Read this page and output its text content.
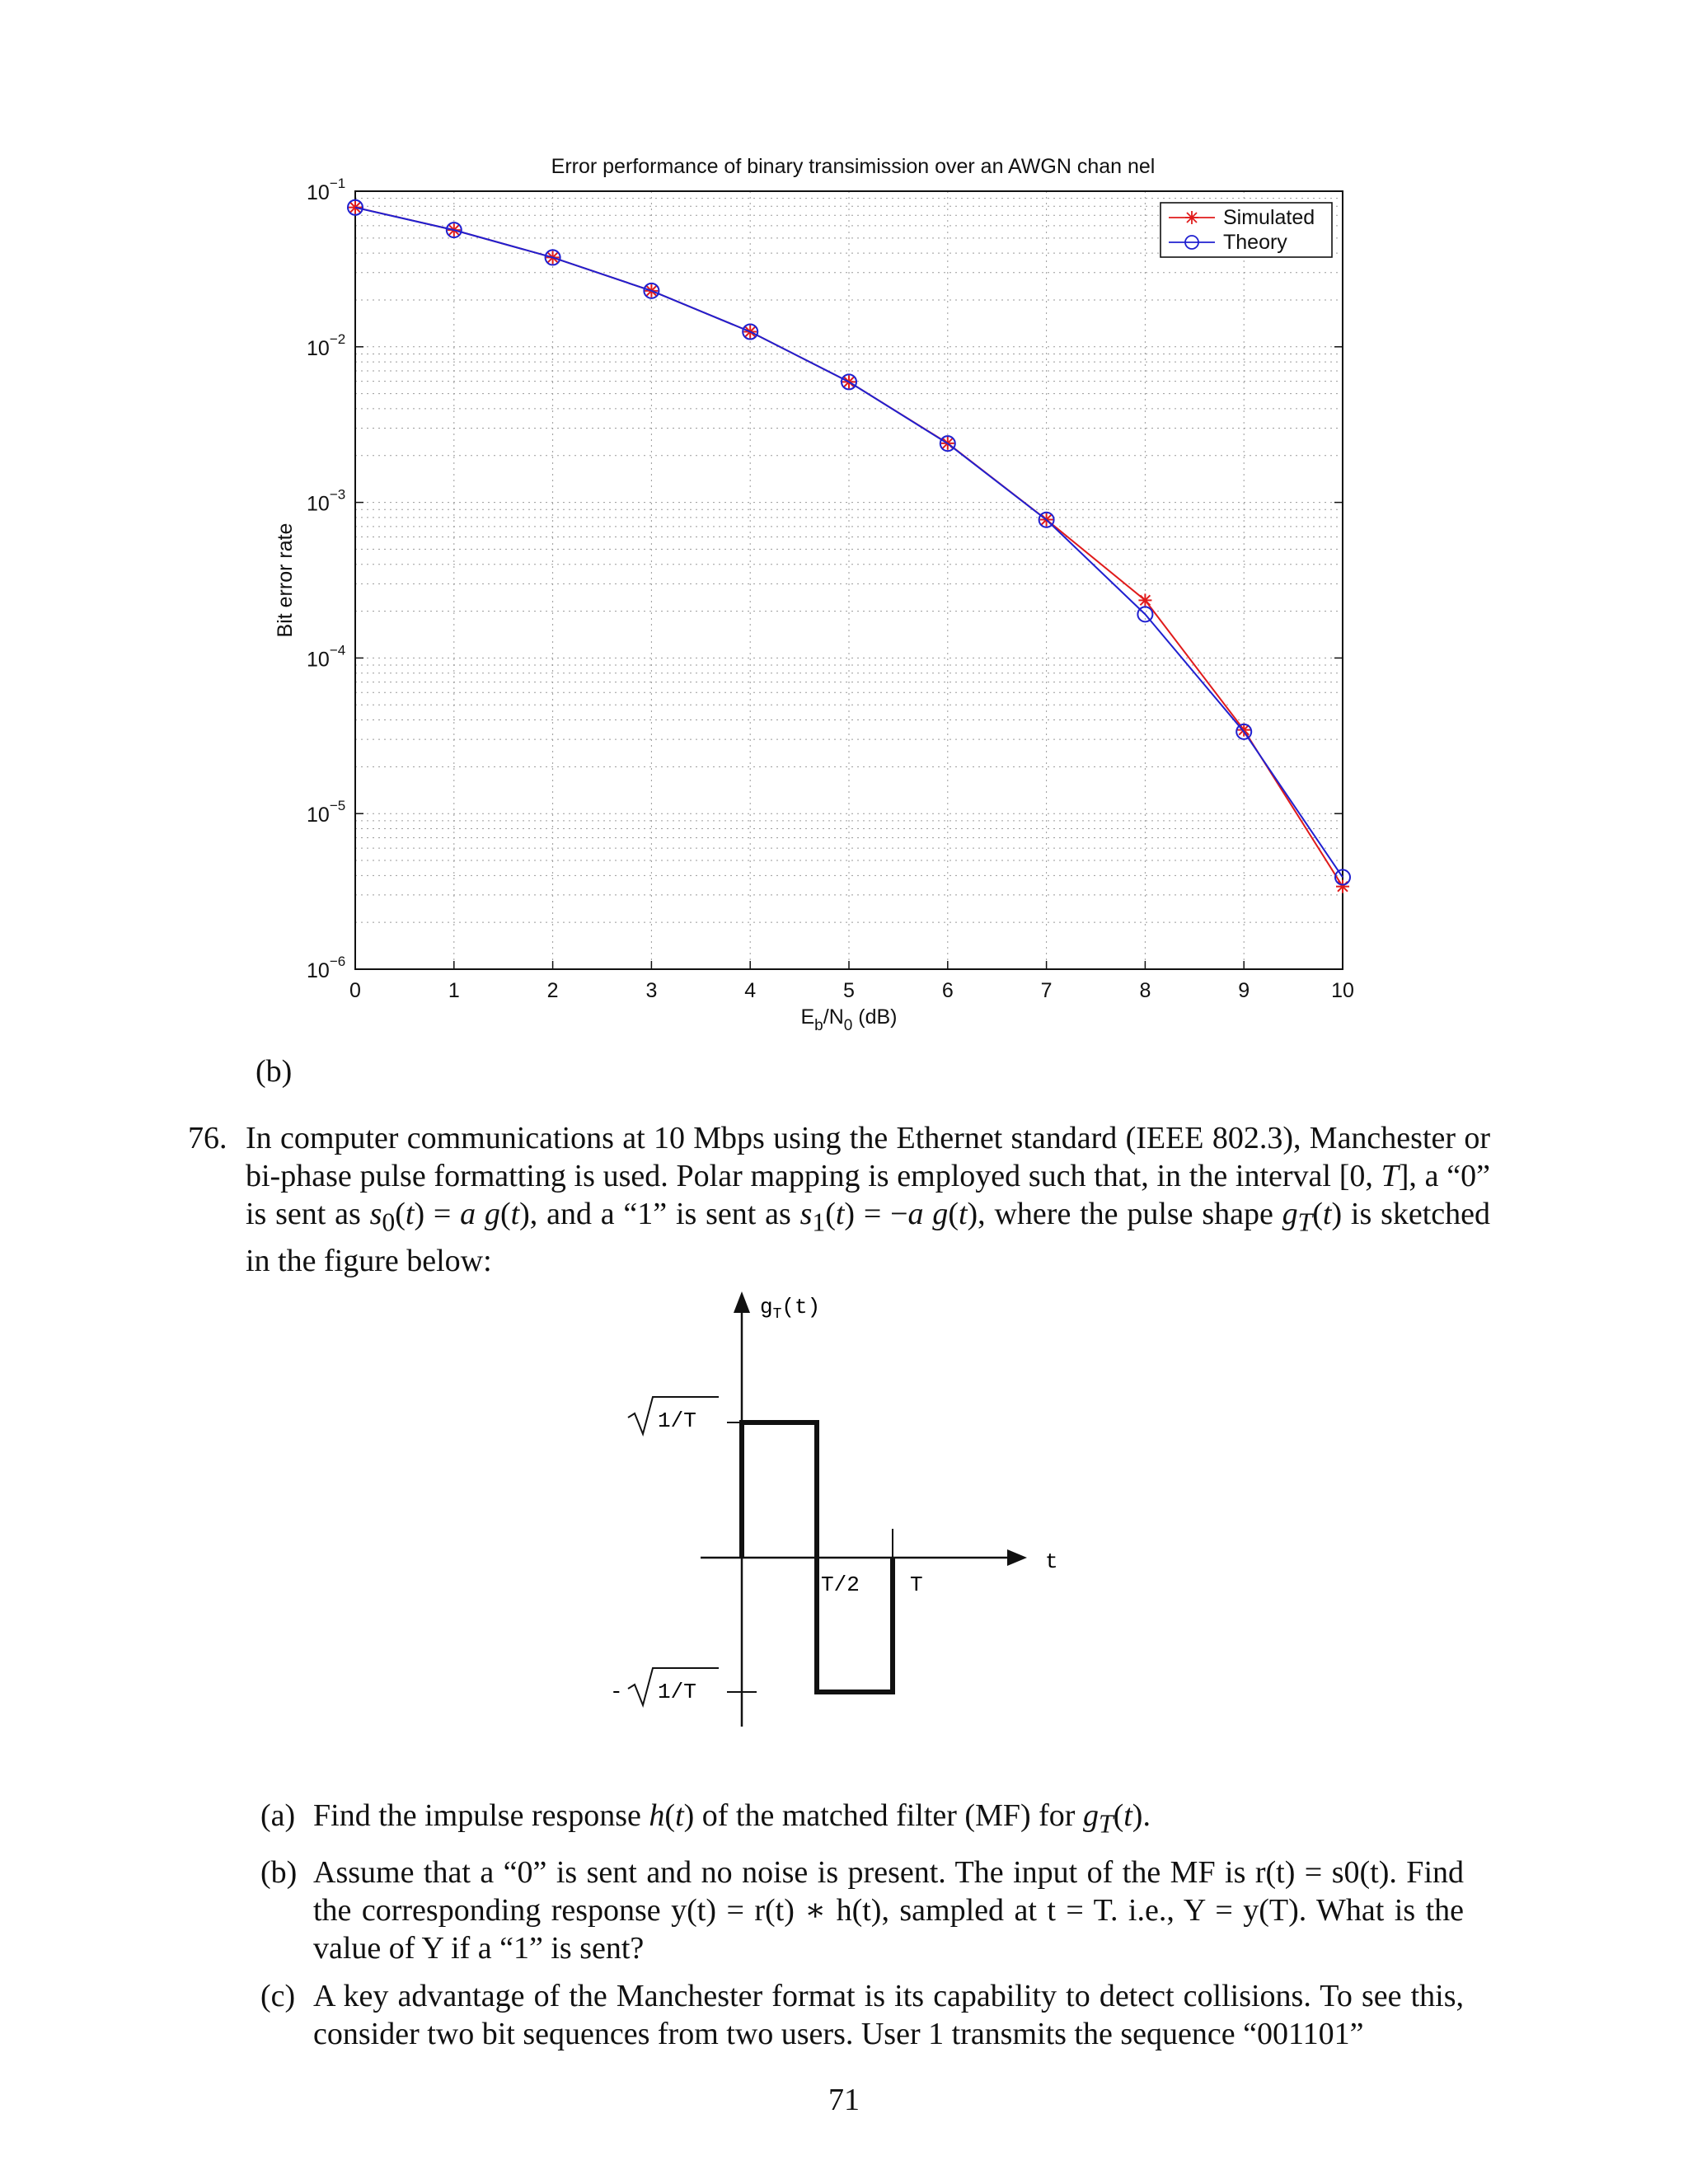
Error performance of binary transimission over an AWGN chan nel
$10^{-1}$
$10^{-2}$
$10^{-3}$
$10^{-4}$
$10^{-5}$
$10^{-6}$
0	1	2	3	4	5	6	7	8	9	10
Bit error rate
$E_b/N_0$ (dB)
Simulated
Theory
(b)
76. In computer communications at 10 Mbps using the Ethernet standard (IEEE 802.3), Manchester or bi-phase pulse formatting is used. Polar mapping is employed such that, in the interval [0, T], a “0” is sent as $s_0(t) = a$ g(t), and a “1” is sent as $s_1(t) = -a$ g(t), where the pulse shape $g_T(t)$ is sketched in the figure below:
$g_T(t)$
t
1/T
- 1/T
T/2 T
(a) Find the impulse response h(t) of the matched filter (MF) for $g_T(t)$.
(b) Assume that a “0” is sent and no noise is present. The input of the MF is r(t) = s0(t). Find the corresponding response y(t) = r(t) ∗ h(t), sampled at t = T. i.e., Y = y(T). What is the value of Y if a “1” is sent?
(c) A key advantage of the Manchester format is its capability to detect collisions. To see this, consider two bit sequences from two users. User 1 transmits the sequence “001101”
71
